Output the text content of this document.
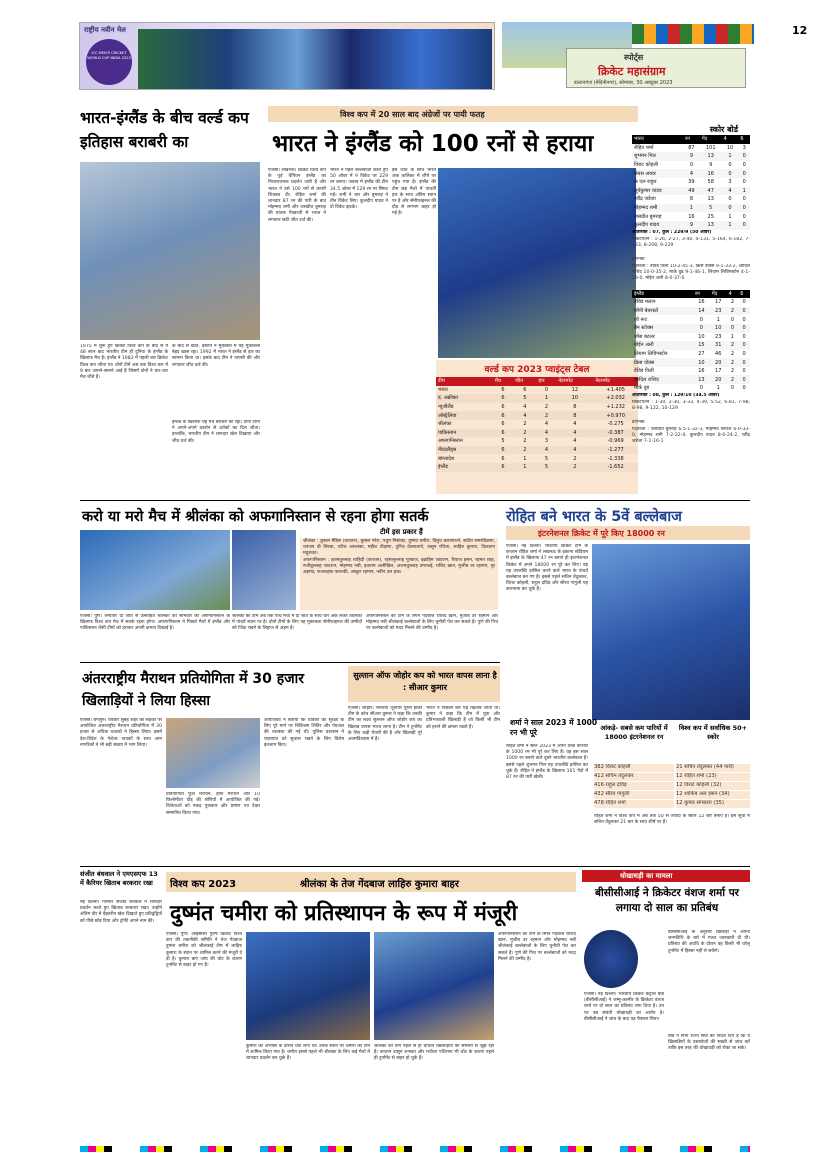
राष्ट्रीय नवीन मेल
ICC MEN'S CRICKET WORLD CUP INDIA 2023
12
स्पोर्ट्स
क्रिकेट महासंग्राम
डाल्टनगंज (मेदिनीनगर), सोमवार, 30 अक्टूबर 2023
भारत-इंग्लैंड के बीच वर्ल्ड कप इतिहास बराबरी का
1975 में शुरू हुए क्रिकेट विश्व कप के बाद से ये 48 साल बाद भारतीय टीम ही दुनिया के इंग्लैंड के खिलाफ मैच है। इंग्लैंड ने 1983 में पहली बार क्रिकेट विश्व कप जीता था। दोनों टीमें अब तक विश्व कप में 9 बार आमने-सामने आई हैं जिसमें दोनों ने चार-चार मैच जीते हैं।
के बाद से खाते, ईस्टीय ने मुकाबले में यह मुकाबला बेहद खास रहा। 1992 में भारत ने इंग्लैंड से हार का सामना किया था। इसके बाद टीम ने वापसी की और लगातार जीत दर्ज की।
इंग्लैंड के खिलाफ यह मैच बराबरी का रहा। दोनों टीमों ने अपने-अपने प्रदर्शन से दर्शकों का दिल जीता। हालांकि, भारतीय टीम ने शानदार खेल दिखाया और जीत दर्ज की।
विश्व कप में 20 साल बाद अंग्रेजों पर पायी फतह
भारत ने इंग्लैंड को 100 रनों से हराया
एजेंसी। लखनऊ। क्रिकेट विश्व कप के पूर्व चैंपियन इंग्लैंड का निराशाजनक प्रदर्शन जारी है और भारत ने उसे 100 रनों से करारी शिकस्त दी। रोहित शर्मा की शानदार 87 रन की पारी के बाद मोहम्मद शमी और जसप्रीत बुमराह की घातक गेंदबाजी से भारत ने लगातार छठी जीत दर्ज की।
भारत ने पहले बल्लेबाजी करते हुए 50 ओवर में 9 विकेट पर 229 रन बनाए। जवाब में इंग्लैंड की टीम 34.5 ओवर में 129 रन पर सिमट गई। शमी ने चार और बुमराह ने तीन विकेट लिए। कुलदीप यादव ने दो विकेट झटके।
इस जीत के साथ भारत अंक तालिका में शीर्ष पर पहुंच गया है। इंग्लैंड की टीम छह मैचों में पांचवीं हार के साथ अंतिम स्थान पर है और सेमीफाइनल की दौड़ से लगभग बाहर हो गई है।
वर्ल्ड कप 2023 प्वाइंट्स टेबल
टीम	मैच	जीत	हार	नेटरनरेट	नेटरनरेट
भारत	6	6	0	12	+1.405
द. अफ्रीका	6	5	1	10	+2.032
न्यूजीलैंड	6	4	2	8	+1.232
ऑस्ट्रेलिया	6	4	2	8	+0.970
श्रीलंका	6	2	4	4	-0.275
पाकिस्तान	6	2	4	4	-0.387
अफगानिस्तान	5	2	3	4	-0.969
नीदरलैंड्स	6	2	4	4	-1.277
बांग्लादेश	6	1	5	2	-1.338
इंग्लैंड	6	1	5	2	-1.652
स्कोर बोर्ड
भारत	रन	गेंद	4	6
रोहित शर्मा	87	101	10	3
शुभमन गिल	9	13	1	0
विराट कोहली	0	9	0	0
श्रेयस अय्यर	4	16	0	0
के एल राहुल	39	58	3	0
सूर्यकुमार यादव	49	47	4	1
रवींद्र जडेजा	8	13	0	0
मोहम्मद शमी	1	5	0	0
जसप्रीत बुमराह	16	25	1	0
कुलदीप यादव	9	13	1	0
अतिरिक्त : 07, कुल : 229/9 (50 ओवर)
विकेटपतन : 1-26, 2-27, 3-40, 4-131, 5-164, 6-182, 7-183, 8-208, 9-229
डीएनबी
गेंदबाजी : डेविड विली 10-2-45-3, क्रिस वोक्स 9-1-33-2, आदिल राशिद 10-0-35-2, मार्क वुड 9-1-46-1, लियाम लिविंगस्टोन 4-1-29-0, मोईन अली 8-0-37-0
इंग्लैंड	रन	गेंद	4	6
डेविड मलान	16	17	2	0
जॉनी बेयरस्टो	14	23	2	0
जो रूट	0	1	0	0
बेन स्टोक्स	0	10	0	0
जोस बटलर	10	23	1	0
मोईन अली	15	31	2	0
लियाम लिविंगस्टोन	27	46	2	0
क्रिस वोक्स	10	20	2	0
डेविड विली	16	17	2	0
आदिल राशिद	13	20	2	0
मार्क वुड	0	1	0	0
अतिरिक्त : 08, कुल : 129/10 (34.5 ओवर)
विकेटपतन : 1-30, 2-30, 3-33, 4-39, 5-52, 6-81, 7-98, 8-98, 9-122, 10-129
डीएनबी
गेंदबाजी : जसप्रीत बुमराह 6.5-1-32-3, मोहम्मद सिराज 6-0-33-0, मोहम्मद शमी 7-2-22-4, कुलदीप यादव 8-0-24-2, रवींद्र जडेजा 7-1-16-1
करो या मरो मैच में श्रीलंका को अफगानिस्तान से रहना होगा सतर्क
टीमें इस प्रकार हैं
श्रीलंका : कुसल मेंडिस (कप्तान), कुसल परेरा, पथुम निसांका, दुष्मंथ चमीरा, दिमुथ करुणारत्ने, सदीरा समरविक्रमा, धनंजय डी सिल्वा, चरिथ असलंका, महीश तीक्षणा, दुनिथ वेल्लालागे, कसुन रजिता, लाहिरु कुमारा, दिलशान मदुशंका।
अफगानिस्तान : हशमतुल्लाह शाहिदी (कप्तान), रहमानुल्लाह गुरबाज, इब्राहिम जादरान, रियाज हसन, रहमत शाह, नजीबुल्लाह जादरान, मोहम्मद नबी, इकराम अलीखिल, अजमतुल्लाह उमरजई, राशिद खान, मुजीब उर रहमान, नूर अहमद, फजलहक फारूकी, अब्दुल रहमान, नवीन उल हक।
एजेंसी। पुणे। लगातार दो जीत से उत्साहित श्रीलंका को सोमवार को अफगानिस्तान के खिलाफ विश्व कप मैच में सतर्क रहना होगा। अफगानिस्तान ने पिछले मैचों में इंग्लैंड और पाकिस्तान जैसी टीमों को हराकर अपनी क्षमता दिखाई है।
श्रीलंका की टीम अब तक पांच मैचों में दो जीत के साथ चार अंक लेकर तालिका में पांचवें स्थान पर है। दोनों टीमों के लिए यह मुकाबला सेमीफाइनल की उम्मीदों को जिंदा रखने के लिहाज से अहम है।
अफगानिस्तान की टीम के स्पिन गेंदबाज राशिद खान, मुजीब उर रहमान और मोहम्मद नबी श्रीलंकाई बल्लेबाजों के लिए चुनौती पेश कर सकते हैं। पुणे की पिच पर बल्लेबाजों को मदद मिलने की उम्मीद है।
रोहित बने भारत के 5वें बल्लेबाज
इंटरनेशनल क्रिकेट में पूरे किए 18000 रन
एजेंसी। नई दिल्ली। भारतीय क्रिकेट टीम के कप्तान रोहित शर्मा ने लखनऊ के इकाना स्टेडियम में इंग्लैंड के खिलाफ 47 रन बनाते ही इंटरनेशनल क्रिकेट में अपने 18000 रन पूरे कर लिए। वह यह उपलब्धि हासिल करने वाले भारत के पांचवें बल्लेबाज बन गए हैं। इससे पहले सचिन तेंदुलकर, विराट कोहली, राहुल द्रविड़ और सौरव गांगुली यह कारनामा कर चुके हैं।
शर्मा ने साल 2023 में 1000 रन भी पूरे
रोहित शर्मा ने साल 2023 में अपने वनडे करियर के 1000 रन भी पूरे कर लिए हैं। वह इस साल 1000 रन बनाने वाले दूसरे भारतीय बल्लेबाज हैं। इससे पहले शुभमन गिल यह उपलब्धि हासिल कर चुके हैं। रोहित ने इंग्लैंड के खिलाफ 101 गेंदों में 87 रन की पारी खेली।
आंकड़े- सबसे कम पारियों में 18000 इंटरनेशनल रन
382 विराट कोहली
412 सचिन तेंदुलकर
416 राहुल द्रविड़
432 सौरव गांगुली
478 रोहित शर्मा
विश्व कप में सर्वाधिक 50+ स्कोर
21 सचिन तेंदुलकर (44 पारी)
12 रोहित शर्मा (23)
12 विराट कोहली (32)
12 शाकिब अल हसन (34)
12 कुमार संगकारा (35)
रोहित शर्मा ने विश्व कप में अब तक 50 से ज्यादा के स्कोर 12 बार बनाए हैं। इस सूची में सचिन तेंदुलकर 21 बार के साथ शीर्ष पर हैं।
अंतरराष्ट्रीय मैराथन प्रतियोगिता में 30 हजार खिलाड़ियों ने लिया हिस्सा
एजेंसी। बेंगलुरु। रविवार सुबह शहर की सड़कों पर आयोजित अंतरराष्ट्रीय मैराथन प्रतियोगिता में 30 हजार से अधिक धावकों ने हिस्सा लिया। इसमें देश-विदेश के पेशेवर धावकों के साथ आम नागरिकों ने भी बड़ी संख्या में भाग लिया।
प्रतियोगिता फुल मैराथन, हाफ मैराथन और 10 किलोमीटर दौड़ की श्रेणियों में आयोजित की गई। विजेताओं को नकद पुरस्कार और प्रमाण पत्र देकर सम्मानित किया गया।
आयोजकों ने बताया कि धावकों की सुरक्षा के लिए पूरे मार्ग पर चिकित्सा शिविर और पेयजल की व्यवस्था की गई थी। पुलिस प्रशासन ने यातायात को सुचारू रखने के लिए विशेष इंतजाम किए।
सुल्तान ऑफ जोहोर कप को भारत वापस लाना है : सीआर कुमार
एजेंसी। जोहोर। भारतीय जूनियर पुरुष हॉकी टीम के कोच सीआर कुमार ने कहा कि उनकी टीम का लक्ष्य सुल्तान ऑफ जोहोर कप का खिताब वापस भारत लाना है। टीम ने टूर्नामेंट के लिए कड़ी तैयारी की है और खिलाड़ी पूरे आत्मविश्वास में हैं।
भारत ने पिछली बार यह खिताब जीता था। कुमार ने कहा कि टीम में युवा और प्रतिभाशाली खिलाड़ी हैं जो किसी भी टीम को हराने की क्षमता रखते हैं।
संजीत बंधवाल ने एमएसएफ 13 में कैरियर खिताब बरकरार रखा
नई दिल्ली। गोल्फर संजीत बंधवाल ने शानदार प्रदर्शन करते हुए खिताब बरकरार रखा। उन्होंने अंतिम दौर में बेहतरीन खेल दिखाते हुए प्रतिद्वंद्वियों को पीछे छोड़ दिया और ट्रॉफी अपने नाम की।
विश्व कप 2023	श्रीलंका के तेज गेंदबाज लाहिरु कुमारा बाहर
दुष्मंत चमीरा को प्रतिस्थापन के रूप में मंजूरी
एजेंसी। पुणे। आईसीसी पुरुष क्रिकेट विश्व कप की तकनीकी समिति ने तेज गेंदबाज दुष्मंत चमीरा को श्रीलंकाई टीम में लाहिरु कुमारा के स्थान पर शामिल करने की मंजूरी दे दी है। कुमारा बाएं जांघ की चोट के कारण टूर्नामेंट से बाहर हो गए हैं।
कुमारा को अभ्यास के दौरान चोट लगी थी। उनके स्थान पर चमीरा को टीम में शामिल किया गया है। चमीरा इससे पहले भी श्रीलंका के लिए कई मैचों में शानदार प्रदर्शन कर चुके हैं।
श्रीलंका की टीम पहले से ही चोटिल खिलाड़ियों की समस्या से जूझ रही है। कप्तान दासुन शनाका और मथीशा पथिराना भी चोट के कारण पहले ही टूर्नामेंट से बाहर हो चुके हैं।
अफगानिस्तान की टीम के स्पिन गेंदबाज राशिद खान, मुजीब उर रहमान और मोहम्मद नबी श्रीलंकाई बल्लेबाजों के लिए चुनौती पेश कर सकते हैं। पुणे की पिच पर बल्लेबाजों को मदद मिलने की उम्मीद है।
धोखाधड़ी का मामला
बीसीसीआई ने क्रिकेटर वंशज शर्मा पर लगाया दो साल का प्रतिबंध
एजेंसी। नई दिल्ली। भारतीय क्रिकेट कंट्रोल बोर्ड (बीसीसीआई) ने जम्मू-कश्मीर के क्रिकेटर वंशज शर्मा पर दो साल का प्रतिबंध लगा दिया है। उन पर उम्र संबंधी धोखाधड़ी का आरोप है। बीसीसीआई ने जांच के बाद यह फैसला लिया।
बीसीसीआई के अनुसार खिलाड़ी ने अपनी जन्मतिथि के बारे में गलत जानकारी दी थी। प्रतिबंध की अवधि के दौरान वह किसी भी घरेलू टूर्नामेंट में हिस्सा नहीं ले सकेंगे।
बोर्ड ने सभी राज्य संघों को निर्देश दिए हैं कि वे खिलाड़ियों के दस्तावेजों की सख्ती से जांच करें ताकि इस तरह की धोखाधड़ी को रोका जा सके।
